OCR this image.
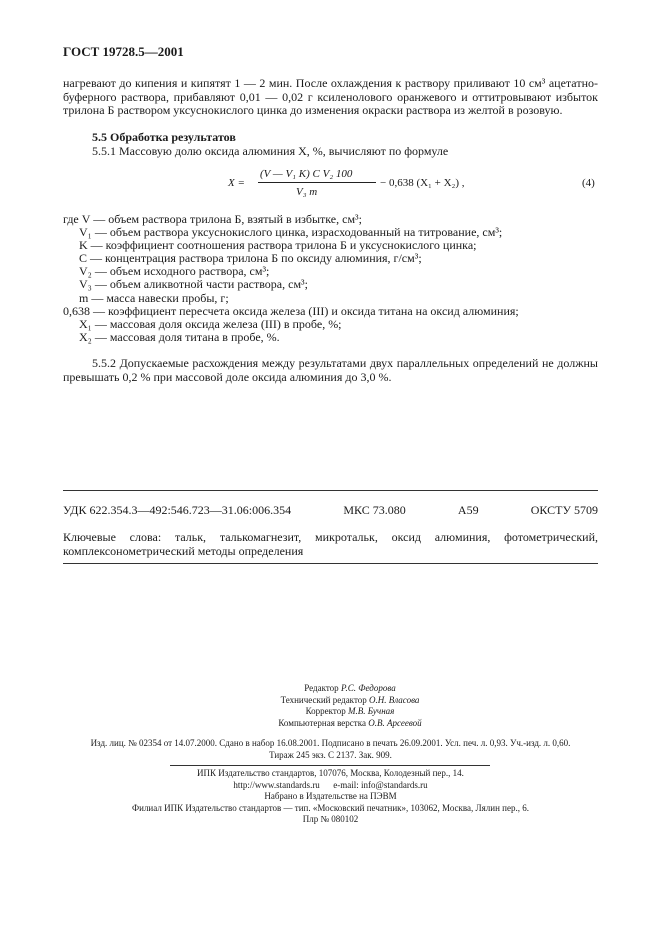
ГОСТ 19728.5—2001
нагревают до кипения и кипятят 1 — 2 мин. После охлаждения к раствору приливают 10 см³ ацетатно-буферного раствора, прибавляют 0,01 — 0,02 г ксиленолового оранжевого и оттитровывают избыток трилона Б раствором уксуснокислого цинка до изменения окраски раствора из желтой в розовую.
5.5 Обработка результатов
5.5.1 Массовую долю оксида алюминия X, %, вычисляют по формуле
X =
(V — V₁ K) C V₂ 100
V₃ m
− 0,638 (X₁ + X₂) ,	(4)
где V — объем раствора трилона Б, взятый в избытке, см³;
V₁ — объем раствора уксуснокислого цинка, израсходованный на титрование, см³;
K — коэффициент соотношения раствора трилона Б и уксуснокислого цинка;
C — концентрация раствора трилона Б по оксиду алюминия, г/см³;
V₂ — объем исходного раствора, см³;
V₃ — объем аликвотной части раствора, см³;
m — масса навески пробы, г;
0,638 — коэффициент пересчета оксида железа (III) и оксида титана на оксид алюминия;
X₁ — массовая доля оксида железа (III) в пробе, %;
X₂ — массовая доля титана в пробе, %.
5.5.2 Допускаемые расхождения между результатами двух параллельных определений не должны превышать 0,2 % при массовой доле оксида алюминия до 3,0 %.
УДК 622.354.3—492:546.723—31.06:006.354	МКС 73.080	А59	ОКСТУ 5709
Ключевые слова: тальк, талькомагнезит, микротальк, оксид алюминия, фотометрический, комплексонометрический методы определения
Редактор Р.С. Федорова
Технический редактор О.Н. Власова
Корректор М.В. Бучная
Компьютерная верстка О.В. Арсеевой
Изд. лиц. № 02354 от 14.07.2000. Сдано в набор 16.08.2001. Подписано в печать 26.09.2001. Усл. печ. л. 0,93. Уч.-изд. л. 0,60.
Тираж 245 экз. С 2137. Зак. 909.
ИПК Издательство стандартов, 107076, Москва, Колодезный пер., 14.
http://www.standards.ru      e-mail: info@standards.ru
Набрано в Издательстве на ПЭВМ
Филиал ИПК Издательство стандартов — тип. «Московский печатник», 103062, Москва, Лялин пер., 6.
Плр № 080102
